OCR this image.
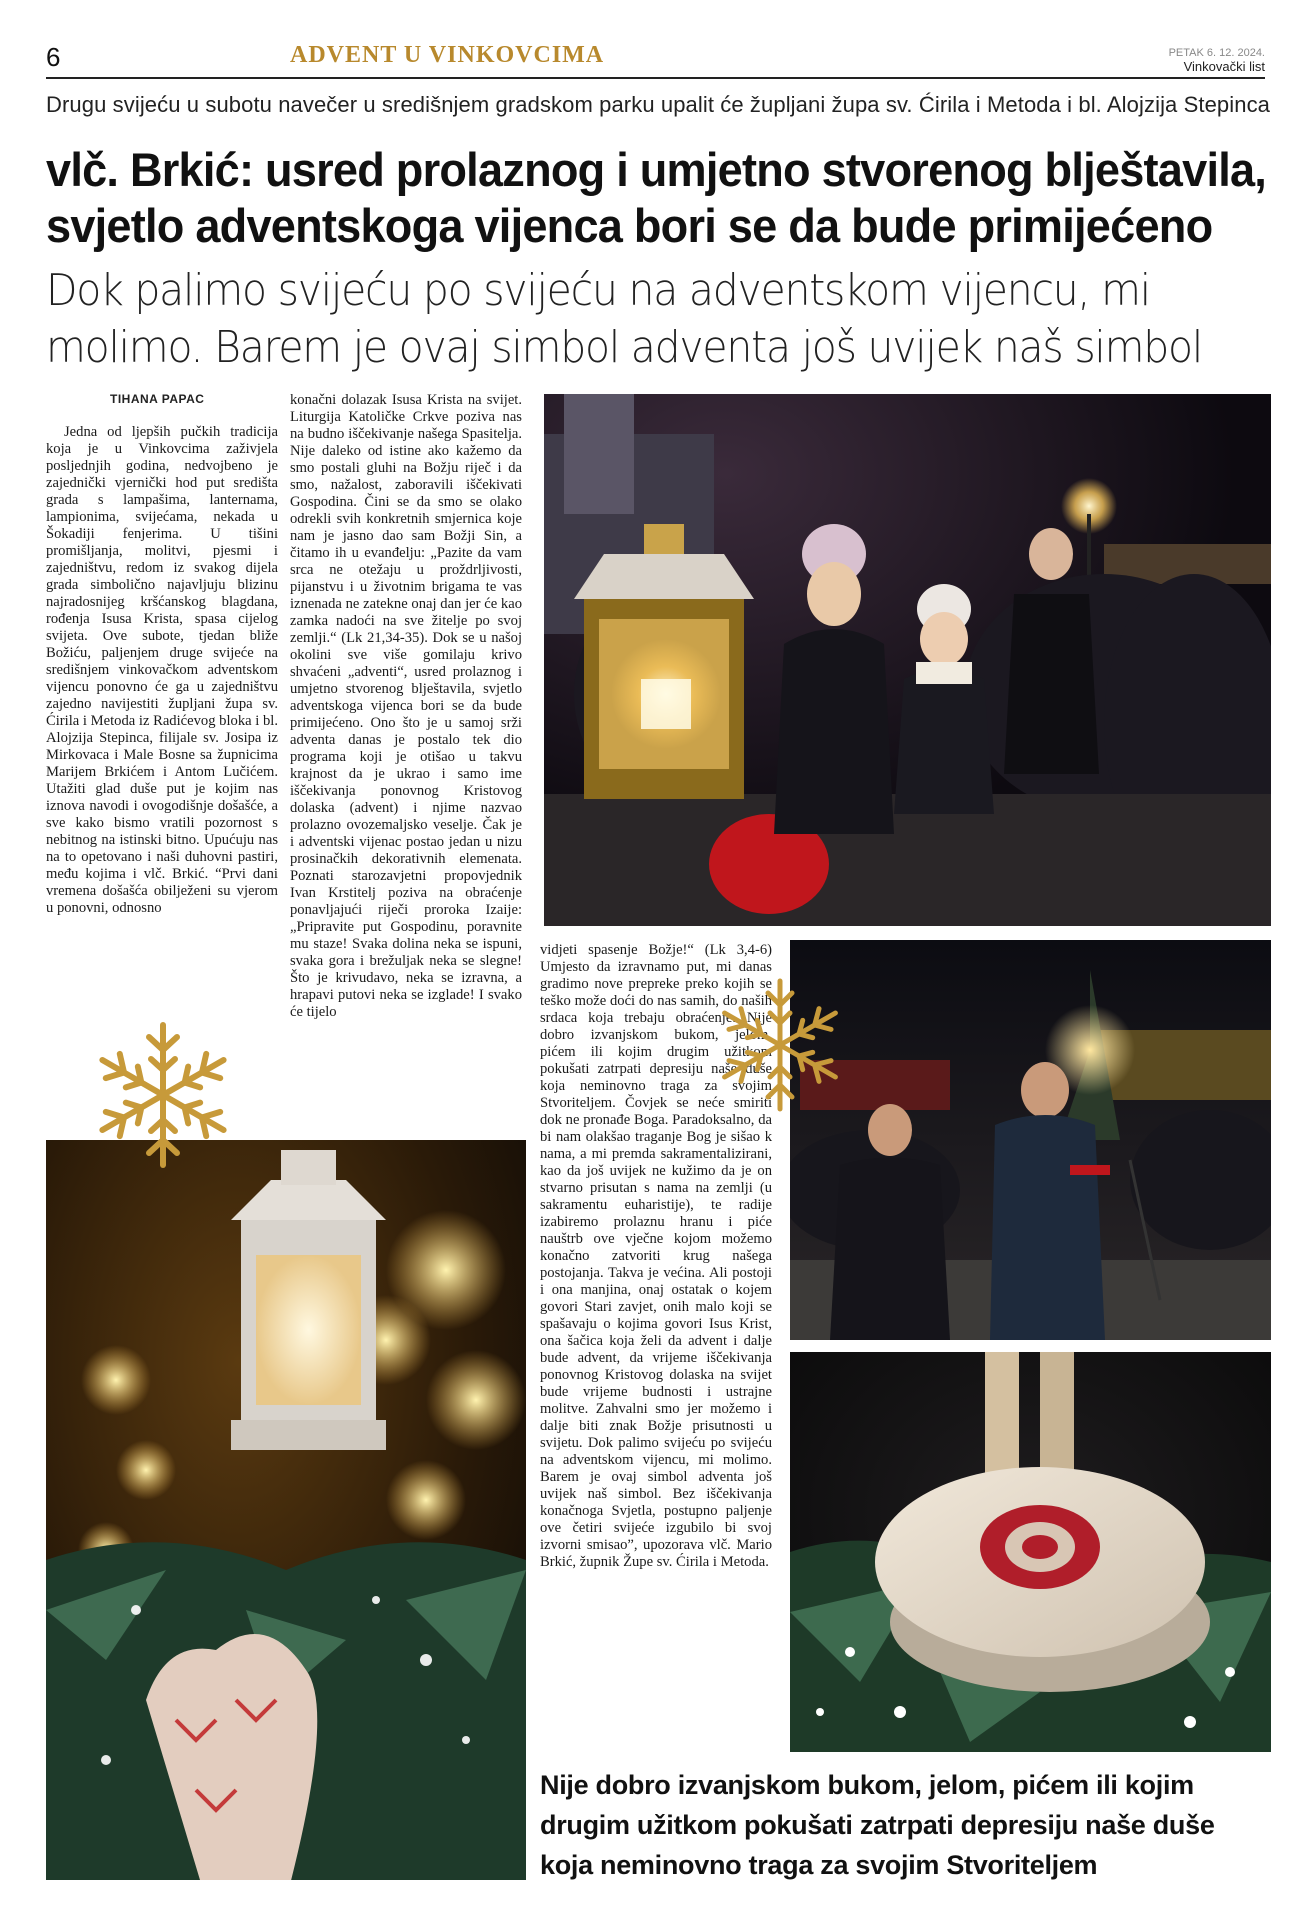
6	ADVENT U VINKOVCIMA	PETAK 6. 12. 2024.
Vinkovački list
Drugu svijeću u subotu navečer u središnjem gradskom parku upalit će župljani župa sv. Ćirila i Metoda i bl. Alojzija Stepinca
vlč. Brkić: usred prolaznog i umjetno stvorenog blještavila,
svjetlo adventskoga vijenca bori se da bude primijećeno
Dok palimo svijeću po svijeću na adventskom vijencu, mi
molimo. Barem je ovaj simbol adventa još uvijek naš simbol
TIHANA PAPAC
Jedna od ljepših pučkih tradicija koja je u Vinkovcima zaživjela posljednjih godina, nedvojbeno je zajednički vjernički hod put središta grada s lampašima, lanternama, lampionima, svijećama, nekada u Šokadiji fenjerima. U tišini promišljanja, molitvi, pjesmi i zajedništvu, redom iz svakog dijela grada simbolično najavljuju blizinu najradosnijeg kršćanskog blagdana, rođenja Isusa Krista, spasa cijelog svijeta. Ove subote, tjedan bliže Božiću, paljenjem druge svijeće na središnjem vinkovačkom adventskom vijencu ponovno će ga u zajedništvu zajedno navijestiti župljani župa sv. Ćirila i Metoda iz Radićevog bloka i bl. Alojzija Stepinca, filijale sv. Josipa iz Mirkovaca i Male Bosne sa župnicima Marijem Brkićem i Antom Lučićem. Utažiti glad duše put je kojim nas iznova navodi i ovogodišnje došašće, a sve kako bismo vratili pozornost s nebitnog na istinski bitno. Upućuju nas na to opetovano i naši duhovni pastiri, među kojima i vlč. Brkić. “Prvi dani vremena došašća obilježeni su vjerom u ponovni, odnosno
konačni dolazak Isusa Krista na svijet. Liturgija Katoličke Crkve poziva nas na budno iščekivanje našega Spasitelja. Nije daleko od istine ako kažemo da smo postali gluhi na Božju riječ i da smo, nažalost, zaboravili iščekivati Gospodina. Čini se da smo se olako odrekli svih konkretnih smjernica koje nam je jasno dao sam Božji Sin, a čitamo ih u evanđelju: „Pazite da vam srca ne otežaju u proždrljivosti, pijanstvu i u životnim brigama te vas iznenada ne zatekne onaj dan jer će kao zamka nadoći na sve žitelje po svoj zemlji.“ (Lk 21,34-35). Dok se u našoj okolini sve više gomilaju krivo shvaćeni „adventi“, usred prolaznog i umjetno stvorenog blještavila, svjetlo adventskoga vijenca bori se da bude primijećeno. Ono što je u samoj srži adventa danas je postalo tek dio programa koji je otišao u takvu krajnost da je ukrao i samo ime iščekivanja ponovnog Kristovog dolaska (advent) i njime nazvao prolazno ovozemaljsko veselje. Čak je i adventski vijenac postao jedan u nizu prosinačkih dekorativnih elemenata. Poznati starozavjetni propovjednik Ivan Krstitelj poziva na obraćenje ponavljajući riječi proroka Izaije: „Pripravite put Gospodinu, poravnite mu staze! Svaka dolina neka se ispuni, svaka gora i brežuljak neka se slegne! Što je krivudavo, neka se izravna, a hrapavi putovi neka se izglade! I svako će tijelo
vidjeti spasenje Božje!“ (Lk 3,4-6) Umjesto da izravnamo put, mi danas gradimo nove prepreke preko kojih se teško može doći do nas samih, do naših srdaca koja trebaju obraćenje. Nije dobro izvanjskom bukom, jelom, pićem ili kojim drugim užitkom pokušati zatrpati depresiju naše duše koja neminovno traga za svojim Stvoriteljem. Čovjek se neće smiriti dok ne pronađe Boga. Paradoksalno, da bi nam olakšao traganje Bog je sišao k nama, a mi premda sakramentalizirani, kao da još uvijek ne kužimo da je on stvarno prisutan s nama na zemlji (u sakramentu euharistije), te radije izabiremo prolaznu hranu i piće nauštrb ove vječne kojom možemo konačno zatvoriti krug našega postojanja. Takva je većina. Ali postoji i ona manjina, onaj ostatak o kojem govori Stari zavjet, onih malo koji se spašavaju o kojima govori Isus Krist, ona šačica koja želi da advent i dalje bude advent, da vrijeme iščekivanja ponovnog Kristovog dolaska na svijet bude vrijeme budnosti i ustrajne molitve. Zahvalni smo jer možemo i dalje biti znak Božje prisutnosti u svijetu. Dok palimo svijeću po svijeću na adventskom vijencu, mi molimo. Barem je ovaj simbol adventa još uvijek naš simbol. Bez iščekivanja konačnoga Svjetla, postupno paljenje ove četiri svijeće izgubilo bi svoj izvorni smisao”, upozorava vlč. Mario Brkić, župnik Župe sv. Ćirila i Metoda.
Nije dobro izvanjskom bukom, jelom, pićem ili kojim drugim užitkom pokušati zatrpati depresiju naše duše koja neminovno traga za svojim Stvoriteljem
